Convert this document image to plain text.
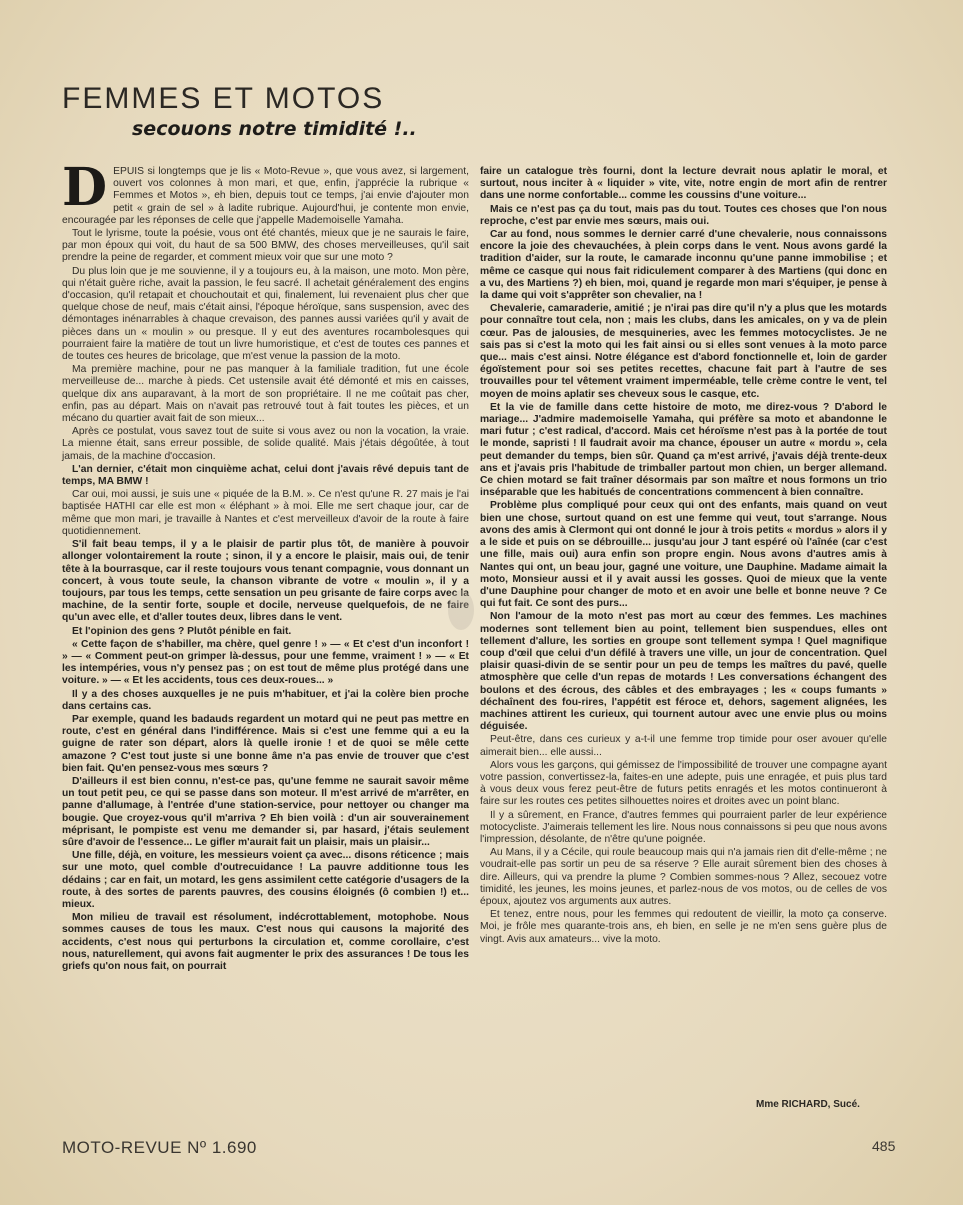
FEMMES ET MOTOS
secouons notre timidité !..

DEPUIS si longtemps que je lis « Moto-Revue », que vous avez, si largement, ouvert vos colonnes à mon mari, et que, enfin, j'apprécie la rubrique « Femmes et Motos », eh bien, depuis tout ce temps, j'ai envie d'ajouter mon petit « grain de sel » à ladite rubrique. Aujourd'hui, je contente mon envie, encouragée par les réponses de celle que j'appelle Mademoiselle Yamaha.

Tout le lyrisme, toute la poésie, vous ont été chantés, mieux que je ne saurais le faire, par mon époux qui voit, du haut de sa 500 BMW, des choses merveilleuses, qu'il sait prendre la peine de regarder, et comment mieux voir que sur une moto ?

Du plus loin que je me souvienne, il y a toujours eu, à la maison, une moto. Mon père, qui n'était guère riche, avait la passion, le feu sacré. Il achetait généralement des engins d'occasion, qu'il retapait et chouchoutait et qui, finalement, lui revenaient plus cher que quelque chose de neuf, mais c'était ainsi, l'époque héroïque, sans suspension, avec des démontages inénarrables à chaque crevaison, des pannes aussi variées qu'il y avait de pièces dans un « moulin » ou presque. Il y eut des aventures rocambolesques qui pourraient faire la matière de tout un livre humoristique, et c'est de toutes ces pannes et de toutes ces heures de bricolage, que m'est venue la passion de la moto.

Ma première machine, pour ne pas manquer à la familiale tradition, fut une école merveilleuse de... marche à pieds. Cet ustensile avait été démonté et mis en caisses, quelque dix ans auparavant, à la mort de son propriétaire. Il ne me coûtait pas cher, enfin, pas au départ. Mais on n'avait pas retrouvé tout à fait toutes les pièces, et un mécano du quartier avait fait de son mieux...

Après ce postulat, vous savez tout de suite si vous avez ou non la vocation, la vraie. La mienne était, sans erreur possible, de solide qualité. Mais j'étais dégoûtée, à tout jamais, de la machine d'occasion.

L'an dernier, c'était mon cinquième achat, celui dont j'avais rêvé depuis tant de temps, MA BMW !

Car oui, moi aussi, je suis une « piquée de la B.M. ». Ce n'est qu'une R. 27 mais je l'ai baptisée HATHI car elle est mon « éléphant » à moi. Elle me sert chaque jour, car de même que mon mari, je travaille à Nantes et c'est merveilleux d'avoir de la route à faire quotidiennement.

S'il fait beau temps, il y a le plaisir de partir plus tôt, de manière à pouvoir allonger volontairement la route ; sinon, il y a encore le plaisir, mais oui, de tenir tête à la bourrasque, car il reste toujours vous tenant compagnie, vous donnant un concert, à vous toute seule, la chanson vibrante de votre « moulin », il y a toujours, par tous les temps, cette sensation un peu grisante de faire corps avec la machine, de la sentir forte, souple et docile, nerveuse quelquefois, de ne faire qu'un avec elle, et d'aller toutes deux, libres dans le vent.

Et l'opinion des gens ? Plutôt pénible en fait.

« Cette façon de s'habiller, ma chère, quel genre ! » — « Et c'est d'un inconfort ! » — « Comment peut-on grimper là-dessus, pour une femme, vraiment ! » — « Et les intempéries, vous n'y pensez pas ; on est tout de même plus protégé dans une voiture. » — « Et les accidents, tous ces deux-roues... »

Il y a des choses auxquelles je ne puis m'habituer, et j'ai la colère bien proche dans certains cas.

Par exemple, quand les badauds regardent un motard qui ne peut pas mettre en route, c'est en général dans l'indifférence. Mais si c'est une femme qui a eu la guigne de rater son départ, alors là quelle ironie ! et de quoi se mêle cette amazone ? C'est tout juste si une bonne âme n'a pas envie de trouver que c'est bien fait. Qu'en pensez-vous mes sœurs ?

D'ailleurs il est bien connu, n'est-ce pas, qu'une femme ne saurait savoir même un tout petit peu, ce qui se passe dans son moteur. Il m'est arrivé de m'arrêter, en panne d'allumage, à l'entrée d'une station-service, pour nettoyer ou changer ma bougie. Que croyez-vous qu'il m'arriva ? Eh bien voilà : d'un air souverainement méprisant, le pompiste est venu me demander si, par hasard, j'étais seulement sûre d'avoir de l'essence... Le gifler m'aurait fait un plaisir, mais un plaisir...

Une fille, déjà, en voiture, les messieurs voient ça avec... disons réticence ; mais sur une moto, quel comble d'outrecuidance ! La pauvre additionne tous les dédains ; car en fait, un motard, les gens assimilent cette catégorie d'usagers de la route, à des sortes de parents pauvres, des cousins éloignés (ô combien !) et... mieux.

Mon milieu de travail est résolument, indécrottablement, motophobe. Nous sommes causes de tous les maux. C'est nous qui causons la majorité des accidents, c'est nous qui perturbons la circulation et, comme corollaire, c'est nous, naturellement, qui avons fait augmenter le prix des assurances ! De tous les griefs qu'on nous fait, on pourrait

faire un catalogue très fourni, dont la lecture devrait nous aplatir le moral, et surtout, nous inciter à « liquider » vite, vite, notre engin de mort afin de rentrer dans une norme confortable... comme les coussins d'une voiture...

Mais ce n'est pas ça du tout, mais pas du tout. Toutes ces choses que l'on nous reproche, c'est par envie mes sœurs, mais oui.

Car au fond, nous sommes le dernier carré d'une chevalerie, nous connaissons encore la joie des chevauchées, à plein corps dans le vent. Nous avons gardé la tradition d'aider, sur la route, le camarade inconnu qu'une panne immobilise ; et même ce casque qui nous fait ridiculement comparer à des Martiens (qui donc en a vu, des Martiens ?) eh bien, moi, quand je regarde mon mari s'équiper, je pense à la dame qui voit s'apprêter son chevalier, na !

Chevalerie, camaraderie, amitié ; je n'irai pas dire qu'il n'y a plus que les motards pour connaître tout cela, non ; mais les clubs, dans les amicales, on y va de plein cœur. Pas de jalousies, de mesquineries, avec les femmes motocyclistes. Je ne sais pas si c'est la moto qui les fait ainsi ou si elles sont venues à la moto parce que... mais c'est ainsi. Notre élégance est d'abord fonctionnelle et, loin de garder égoïstement pour soi ses petites recettes, chacune fait part à l'autre de ses trouvailles pour tel vêtement vraiment imperméable, telle crème contre le vent, tel moyen de moins aplatir ses cheveux sous le casque, etc.

Et la vie de famille dans cette histoire de moto, me direz-vous ? D'abord le mariage... J'admire mademoiselle Yamaha, qui préfère sa moto et abandonne le mari futur ; c'est radical, d'accord. Mais cet héroïsme n'est pas à la portée de tout le monde, sapristi ! Il faudrait avoir ma chance, épouser un autre « mordu », cela peut demander du temps, bien sûr. Quand ça m'est arrivé, j'avais déjà trente-deux ans et j'avais pris l'habitude de trimballer partout mon chien, un berger allemand. Ce chien motard se fait traîner désormais par son maître et nous formons un trio inséparable que les habitués de concentrations commencent à bien connaître.

Problème plus compliqué pour ceux qui ont des enfants, mais quand on veut bien une chose, surtout quand on est une femme qui veut, tout s'arrange. Nous avons des amis à Clermont qui ont donné le jour à trois petits « mordus » alors il y a le side et puis on se débrouille... jusqu'au jour J tant espéré où l'aînée (car c'est une fille, mais oui) aura enfin son propre engin. Nous avons d'autres amis à Nantes qui ont, un beau jour, gagné une voiture, une Dauphine. Madame aimait la moto, Monsieur aussi et il y avait aussi les gosses. Quoi de mieux que la vente d'une Dauphine pour changer de moto et en avoir une belle et bonne neuve ? Ce qui fut fait. Ce sont des purs...

Non l'amour de la moto n'est pas mort au cœur des femmes. Les machines modernes sont tellement bien au point, tellement bien suspendues, elles ont tellement d'allure, les sorties en groupe sont tellement sympa ! Quel magnifique coup d'œil que celui d'un défilé à travers une ville, un jour de concentration. Quel plaisir quasi-divin de se sentir pour un peu de temps les maîtres du pavé, quelle atmosphère que celle d'un repas de motards ! Les conversations échangent des boulons et des écrous, des câbles et des embrayages ; les « coups fumants » déchaînent des fou-rires, l'appétit est féroce et, dehors, sagement alignées, les machines attirent les curieux, qui tournent autour avec une envie plus ou moins déguisée.

Peut-être, dans ces curieux y a-t-il une femme trop timide pour oser avouer qu'elle aimerait bien... elle aussi...

Alors vous les garçons, qui gémissez de l'impossibilité de trouver une compagne ayant votre passion, convertissez-la, faites-en une adepte, puis une enragée, et puis plus tard à vous deux vous ferez peut-être de futurs petits enragés et les motos continueront à faire sur les routes ces petites silhouettes noires et droites avec un point blanc.

Il y a sûrement, en France, d'autres femmes qui pourraient parler de leur expérience motocycliste. J'aimerais tellement les lire. Nous nous connaissons si peu que nous avons l'impression, désolante, de n'être qu'une poignée.

Au Mans, il y a Cécile, qui roule beaucoup mais qui n'a jamais rien dit d'elle-même ; ne voudrait-elle pas sortir un peu de sa réserve ? Elle aurait sûrement bien des choses à dire. Ailleurs, qui va prendre la plume ? Combien sommes-nous ? Allez, secouez votre timidité, les jeunes, les moins jeunes, et parlez-nous de vos motos, ou de celles de vos époux, ajoutez vos arguments aux autres.

Et tenez, entre nous, pour les femmes qui redoutent de vieillir, la moto ça conserve. Moi, je frôle mes quarante-trois ans, eh bien, en selle je ne m'en sens guère plus de vingt. Avis aux amateurs... vive la moto.

Mme RICHARD, Sucé.

MOTO-REVUE Nº 1.690	485
